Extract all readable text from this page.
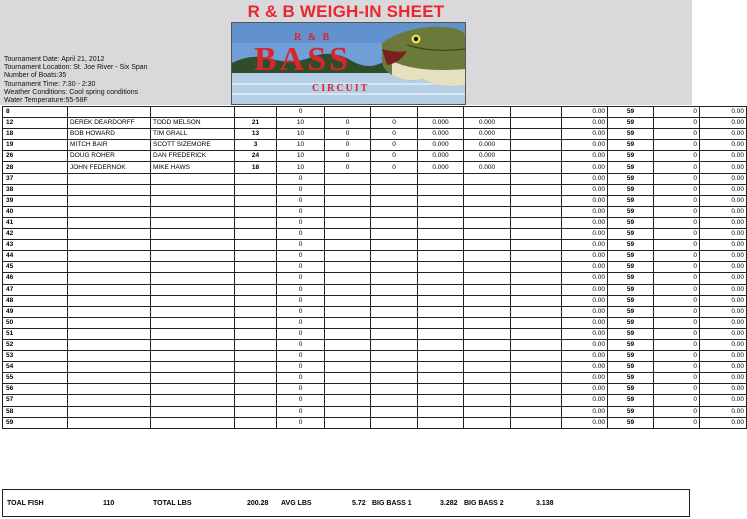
R & B WEIGH-IN SHEET
R & B
BASS
CIRCUIT
Tournament Date: April 21, 2012
Tournament Location: St. Joe River - Six Span
Number of Boats:35
Tournament Time: 7:30 - 2:30
Weather Conditions: Cool spring conditions
Water Temperature:55-58F
8				0						0.00	59	0	0.00
12	DEREK DEARDORFF	TODD MELSON	21	10	0	0	0.000	0.000		0.00	59	0	0.00
18	BOB HOWARD	TIM GRALL	13	10	0	0	0.000	0.000		0.00	59	0	0.00
19	MITCH BAIR	SCOTT SIZEMORE	3	10	0	0	0.000	0.000		0.00	59	0	0.00
26	DOUG ROHER	DAN FREDERICK	24	10	0	0	0.000	0.000		0.00	59	0	0.00
28	JOHN FEDERNOK	MIKE HAWS	18	10	0	0	0.000	0.000		0.00	59	0	0.00
37				0						0.00	59	0	0.00
38				0						0.00	59	0	0.00
39				0						0.00	59	0	0.00
40				0						0.00	59	0	0.00
41				0						0.00	59	0	0.00
42				0						0.00	59	0	0.00
43				0						0.00	59	0	0.00
44				0						0.00	59	0	0.00
45				0						0.00	59	0	0.00
46				0						0.00	59	0	0.00
47				0						0.00	59	0	0.00
48				0						0.00	59	0	0.00
49				0						0.00	59	0	0.00
50				0						0.00	59	0	0.00
51				0						0.00	59	0	0.00
52				0						0.00	59	0	0.00
53				0						0.00	59	0	0.00
54				0						0.00	59	0	0.00
55				0						0.00	59	0	0.00
56				0						0.00	59	0	0.00
57				0						0.00	59	0	0.00
58				0						0.00	59	0	0.00
59				0						0.00	59	0	0.00
TOAL FISH	110	TOTAL LBS	200.28 AVG LBS	5.72 BIG BASS 1	3.282 BIG BASS 2	3.138
